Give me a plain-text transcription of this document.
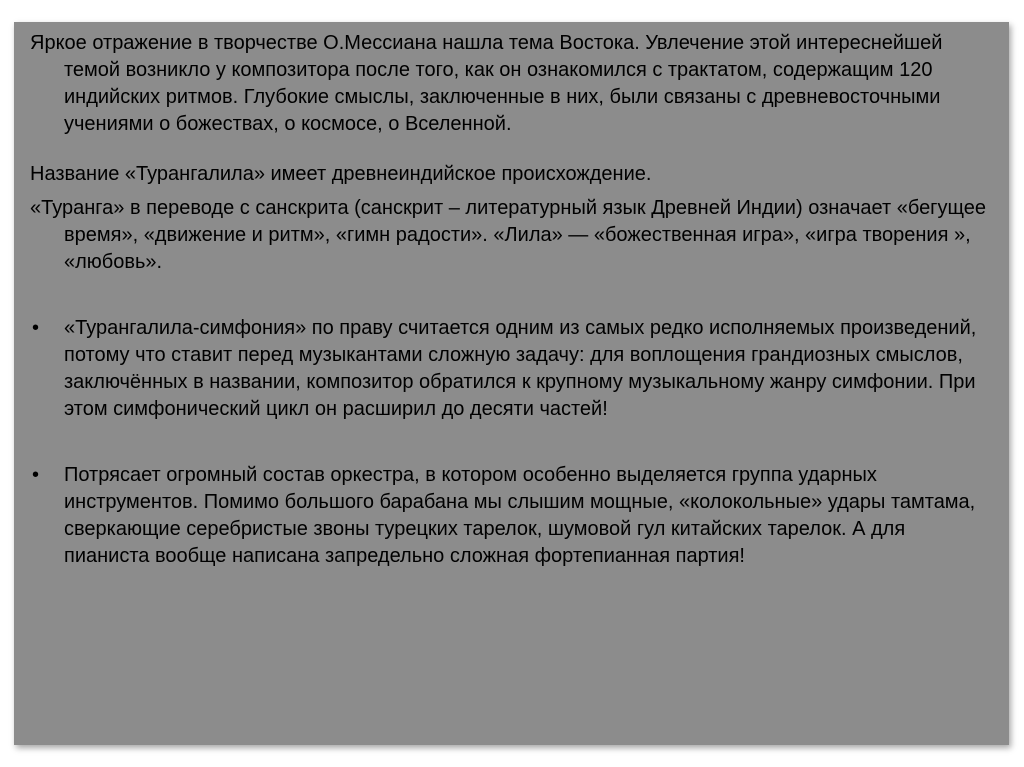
Яркое отражение в творчестве О.Мессиана нашла тема Востока. Увлечение этой интереснейшей темой возникло у композитора после того, как он ознакомился с трактатом, содержащим 120 индийских ритмов. Глубокие смыслы, заключенные в них, были связаны с древневосточными учениями о божествах, о космосе, о Вселенной.

Название «Турангалила» имеет древнеиндийское происхождение.

«Туранга» в переводе с санскрита (санскрит – литературный язык Древней Индии) означает «бегущее время», «движение и ритм», «гимн радости». «Лила» — «божественная игра», «игра творения », «любовь».

•	«Турангалила-симфония» по праву считается одним из самых редко исполняемых произведений, потому что ставит перед музыкантами сложную задачу: для воплощения грандиозных смыслов, заключённых в названии, композитор обратился к крупному музыкальному жанру симфонии. При этом симфонический цикл он расширил до десяти частей!
•	Потрясает огромный состав оркестра, в котором особенно выделяется группа ударных инструментов. Помимо большого барабана мы слышим мощные, «колокольные» удары тамтама, сверкающие серебристые звоны турецких тарелок, шумовой гул китайских тарелок. А для пианиста вообще написана запредельно сложная фортепианная партия!
